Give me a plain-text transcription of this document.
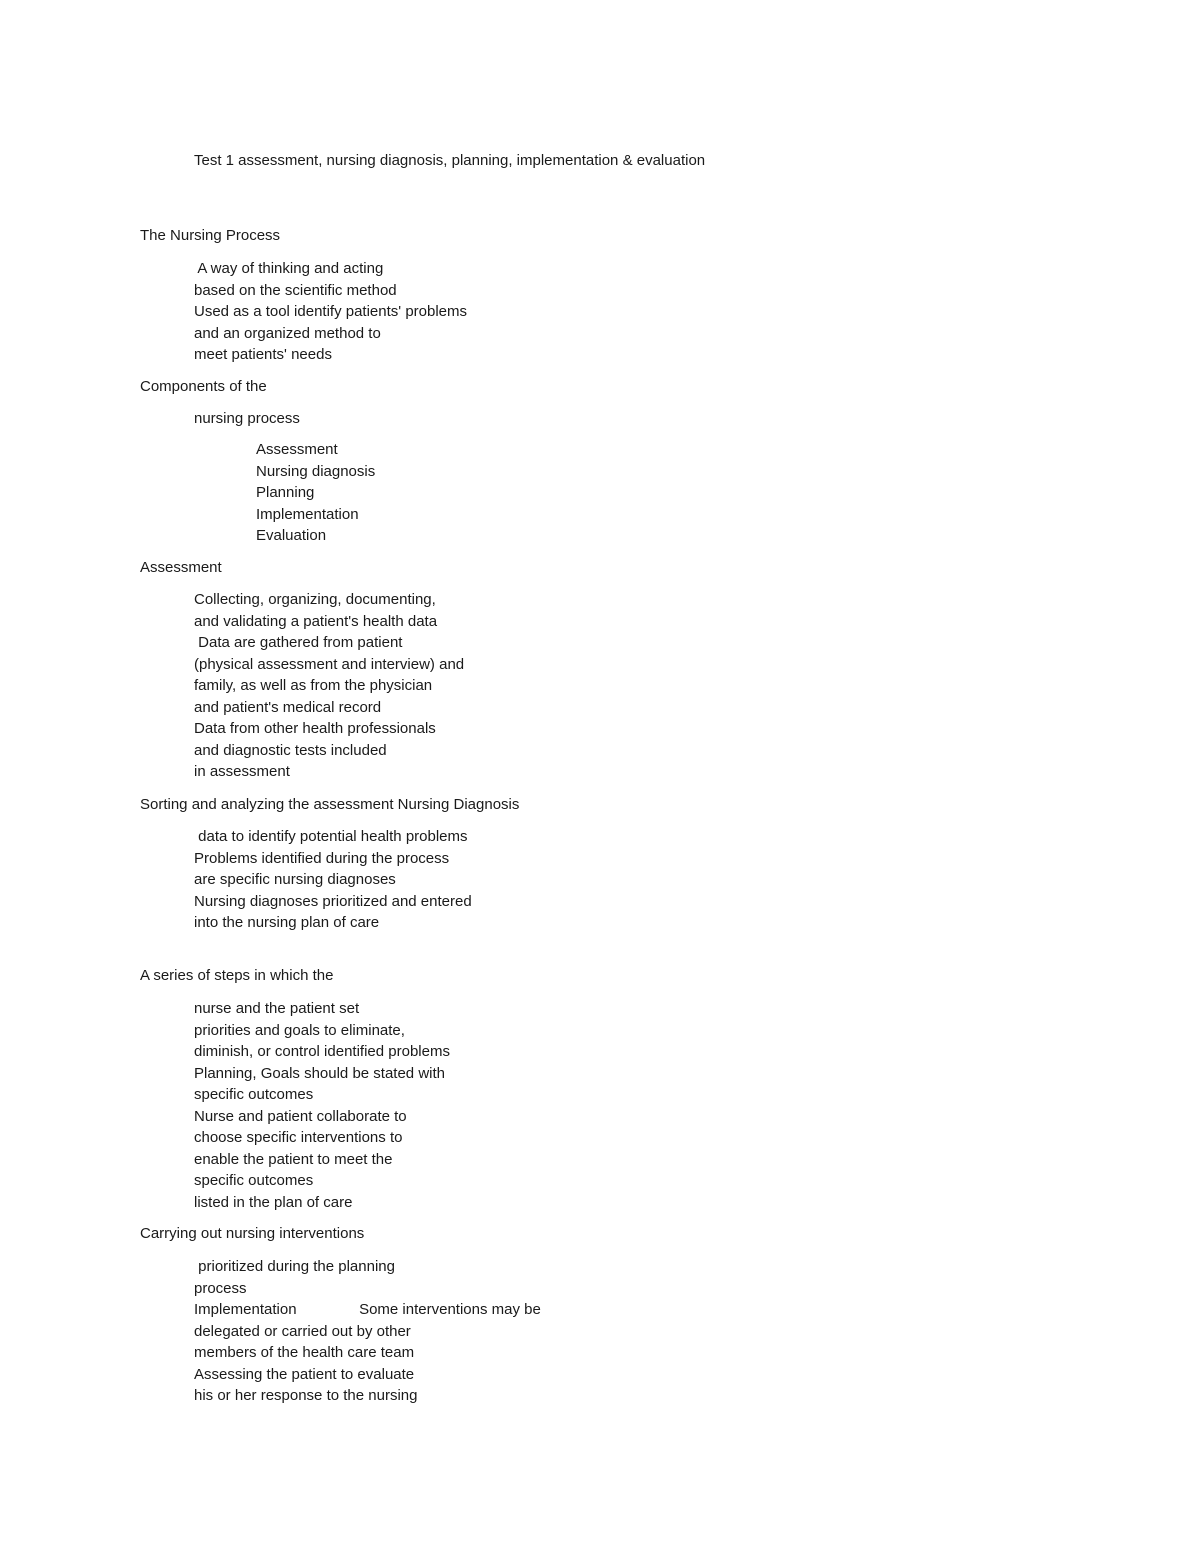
Test 1 assessment, nursing diagnosis, planning, implementation & evaluation
The Nursing Process
A way of thinking and acting
based on the scientific method
Used as a tool identify patients' problems
and an organized method to
meet patients' needs
Components of the
nursing process
Assessment
Nursing diagnosis
Planning
Implementation
Evaluation
Assessment
Collecting, organizing, documenting,
and validating a patient's health data
Data are gathered from patient
(physical assessment and interview) and
family, as well as from the physician
and patient's medical record
Data from other health professionals
and diagnostic tests included
in assessment
Sorting and analyzing the assessment Nursing Diagnosis
data to identify potential health problems
Problems identified during the process
are specific nursing diagnoses
Nursing diagnoses prioritized and entered
into the nursing plan of care
A series of steps in which the
nurse and the patient set
priorities and goals to eliminate,
diminish, or control identified problems
Planning, Goals should be stated with
specific outcomes
Nurse and patient collaborate to
choose specific interventions to
enable the patient to meet the
specific outcomes
listed in the plan of care
Carrying out nursing interventions
prioritized during the planning
process
Implementation               Some interventions may be
delegated or carried out by other
members of the health care team
Assessing the patient to evaluate
his or her response to the nursing
